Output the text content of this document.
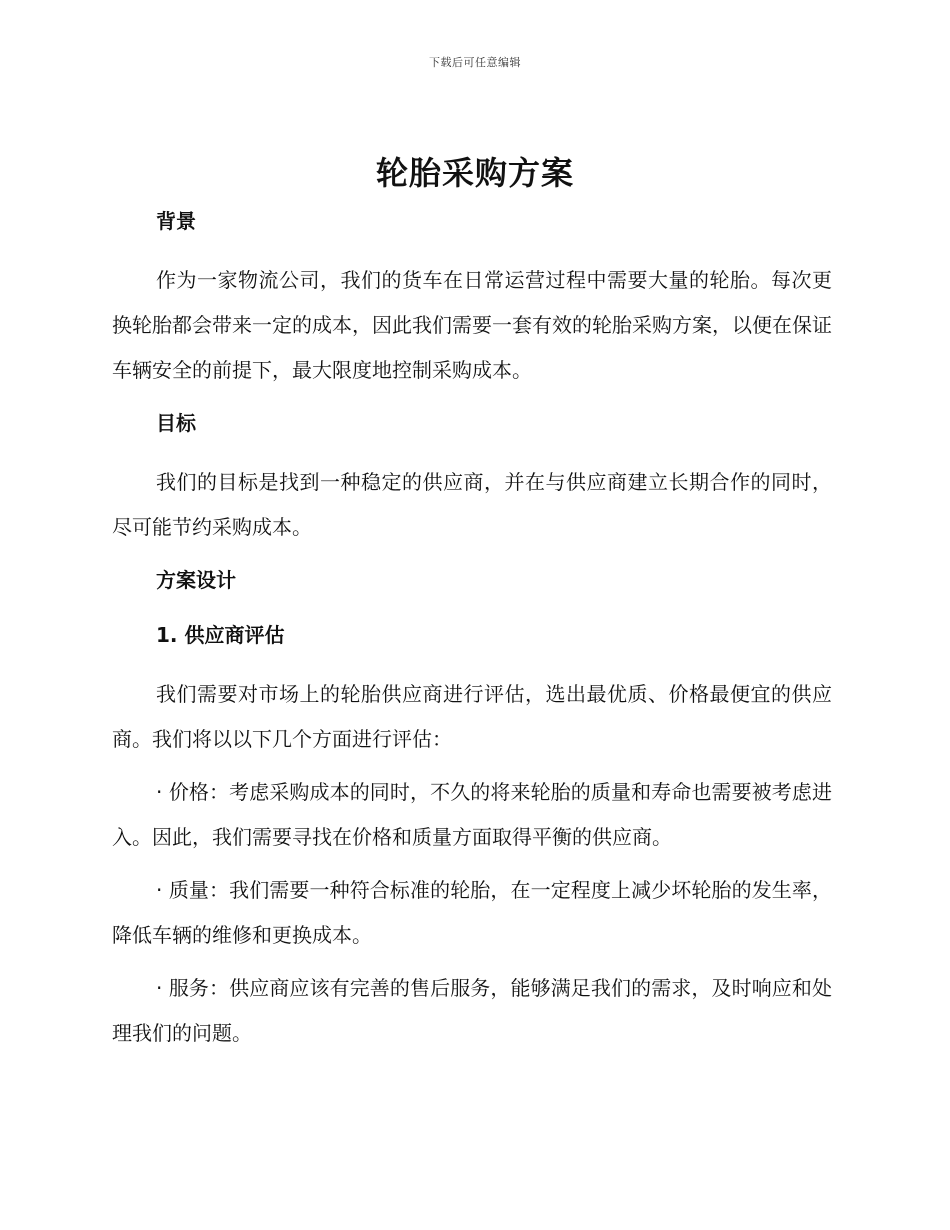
下载后可任意编辑
轮胎采购方案
背景

作为一家物流公司，我们的货车在日常运营过程中需要大量的轮胎。每次更换轮胎都会带来一定的成本，因此我们需要一套有效的轮胎采购方案，以便在保证车辆安全的前提下，最大限度地控制采购成本。

目标

我们的目标是找到一种稳定的供应商，并在与供应商建立长期合作的同时，尽可能节约采购成本。

方案设计
1. 供应商评估

我们需要对市场上的轮胎供应商进行评估，选出最优质、价格最便宜的供应商。我们将以以下几个方面进行评估：

· 价格：考虑采购成本的同时，不久的将来轮胎的质量和寿命也需要被考虑进入。因此，我们需要寻找在价格和质量方面取得平衡的供应商。

· 质量：我们需要一种符合标准的轮胎，在一定程度上减少坏轮胎的发生率，降低车辆的维修和更换成本。

· 服务：供应商应该有完善的售后服务，能够满足我们的需求，及时响应和处理我们的问题。
